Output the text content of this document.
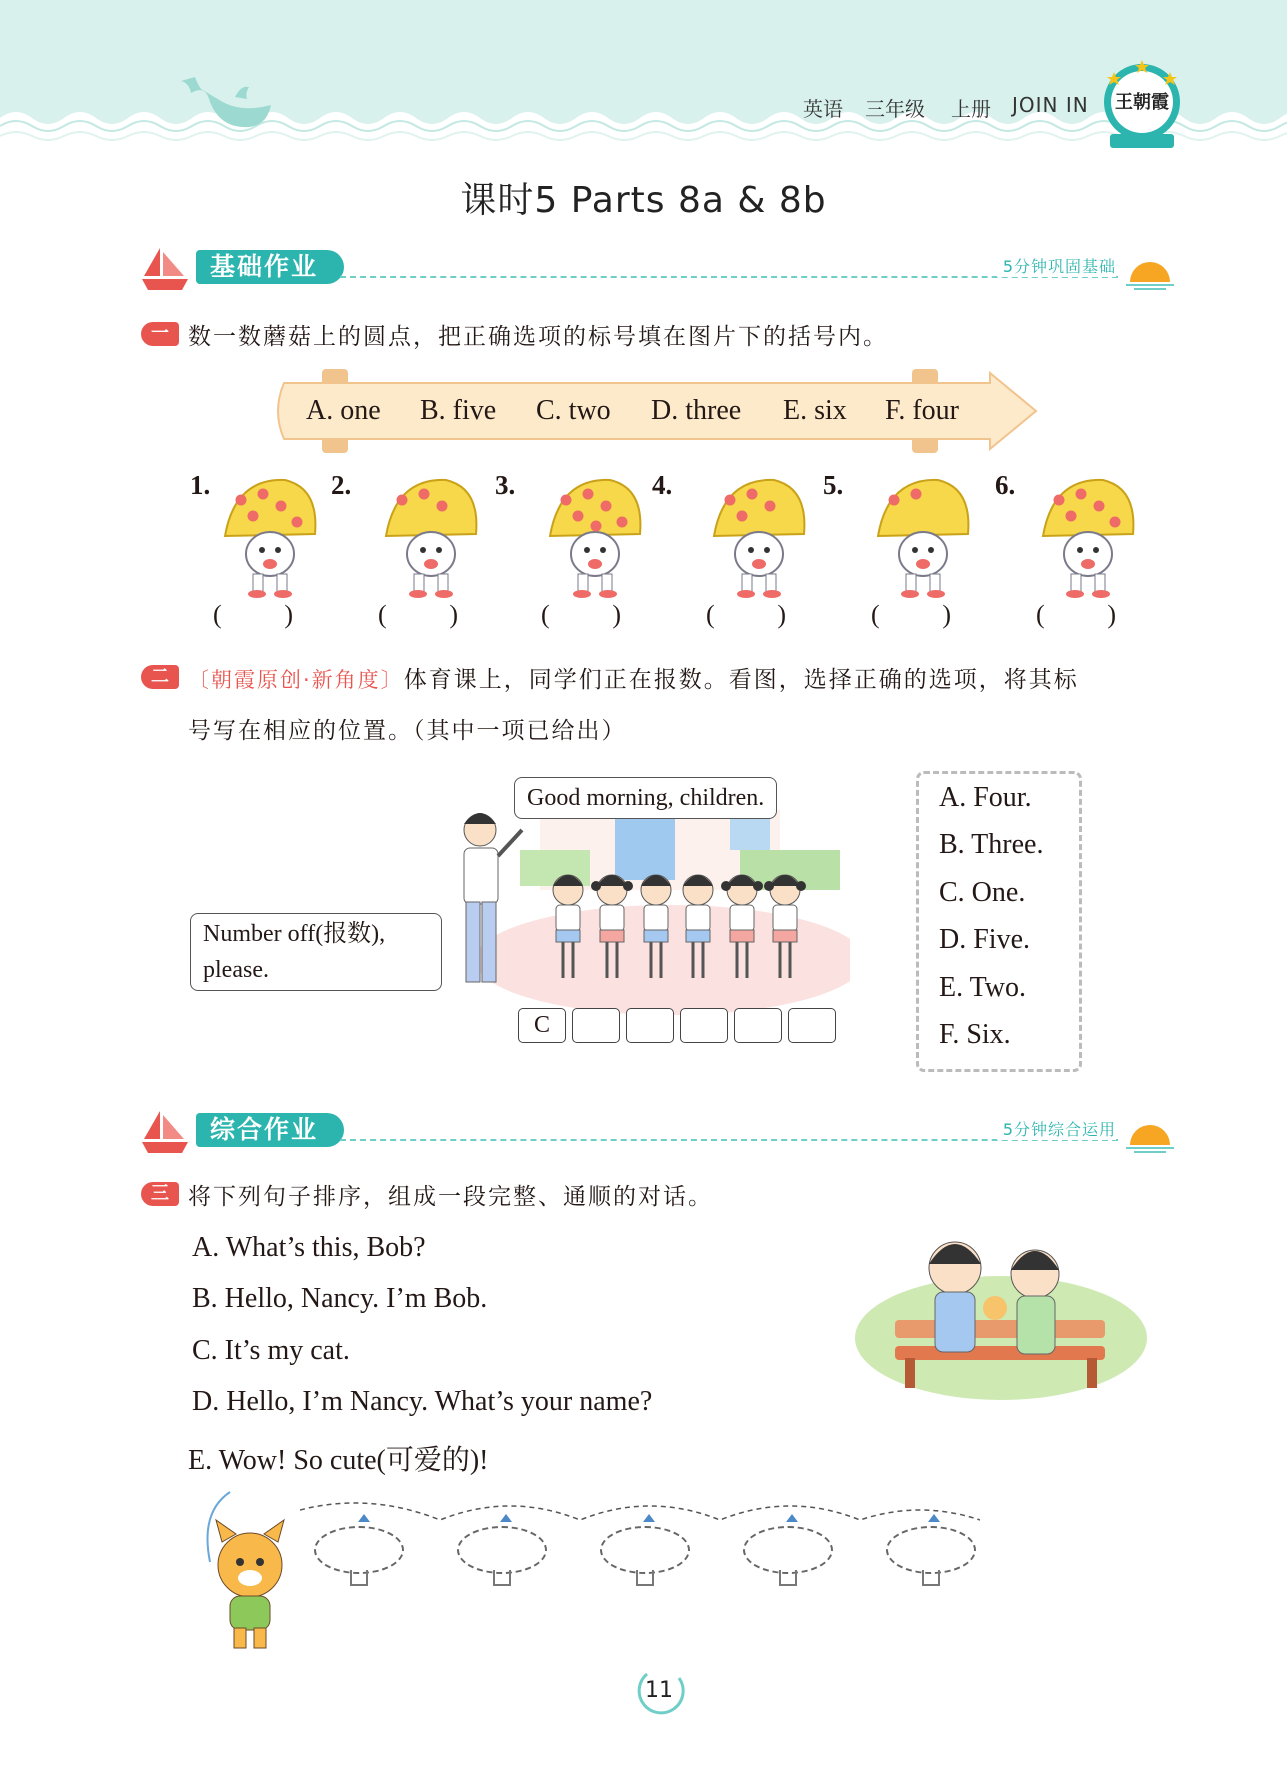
英语 三年级 上册 JOIN IN 王朝霞
课时5 Parts 8a & 8b
基础作业	5分钟巩固基础
一 数一数蘑菇上的圆点，把正确选项的标号填在图片下的括号内。
A. one B. five C. two D. three E. six F. four
1.
( )
2.
( )
3.
( )
4.
( )
5.
( )
6.
( )
二 〔朝霞原创·新角度〕体育课上，同学们正在报数。看图，选择正确的选项，将其标
号写在相应的位置。（其中一项已给出）
Good morning, children.
Number off(报数),
please.
C
A. Four.
B. Three.
C. One.
D. Five.
E. Two.
F. Six.
综合作业	5分钟综合运用
三 将下列句子排序，组成一段完整、通顺的对话。
A. What’s this, Bob?
B. Hello, Nancy. I’m Bob.
C. It’s my cat.
D. Hello, I’m Nancy. What’s your name?
E. Wow! So cute(可爱的)!
11
